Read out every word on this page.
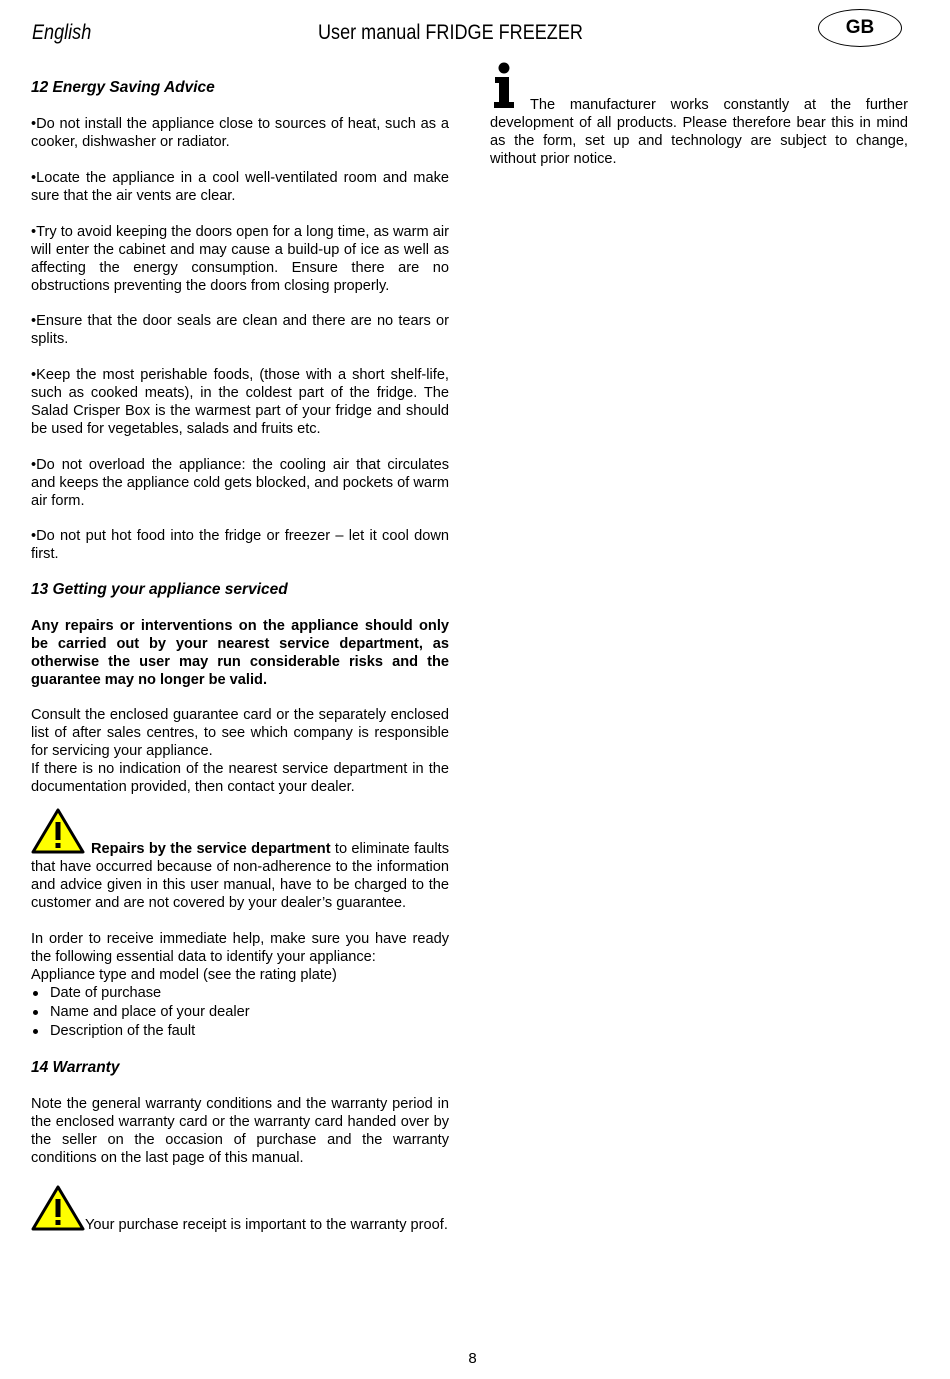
English	User manual FRIDGE FREEZER	GB
12 Energy Saving Advice

•Do not install the appliance close to sources of heat, such as a cooker, dishwasher or radiator.

•Locate the appliance in a cool well-ventilated room and make sure that the air vents are clear.

•Try to avoid keeping the doors open for a long time, as warm air will enter the cabinet and may cause a build-up of ice as well as affecting the energy consumption. Ensure there are no obstructions preventing the doors from closing properly.

•Ensure that the door seals are clean and there are no tears or splits.

•Keep the most perishable foods, (those with a short shelf-life, such as cooked meats), in the coldest part of the fridge. The Salad Crisper Box is the warmest part of your fridge and should be used for vegetables, salads and fruits etc.

•Do not overload the appliance: the cooling air that circulates and keeps the appliance cold gets blocked, and pockets of warm air form.

•Do not put hot food into the fridge or freezer – let it cool down first.

13 Getting your appliance serviced

Any repairs or interventions on the appliance should only be carried out by your nearest service department, as otherwise the user may run considerable risks and the guarantee may no longer be valid.

Consult the enclosed guarantee card or the separately enclosed list of after sales centres, to see which company is responsible for servicing your appliance.

If there is no indication of the nearest service department in the documentation provided, then contact your dealer.

Repairs by the service department to eliminate faults that have occurred because of non-adherence to the information and advice given in this user manual, have to be charged to the customer and are not covered by your dealer’s guarantee.

In order to receive immediate help, make sure you have ready the following essential data to identify your appliance:

Appliance type and model (see the rating plate)

Date of purchase
Name and place of your dealer
Description of the fault
14 Warranty

Note the general warranty conditions and the warranty period in the enclosed warranty card or the warranty card handed over by the seller on the occasion of purchase and the warranty conditions on the last page of this manual.

Your purchase receipt is important to the warranty proof.

The manufacturer works constantly at the further development of all products. Please therefore bear this in mind as the form, set up and technology are subject to change, without prior notice.

8
